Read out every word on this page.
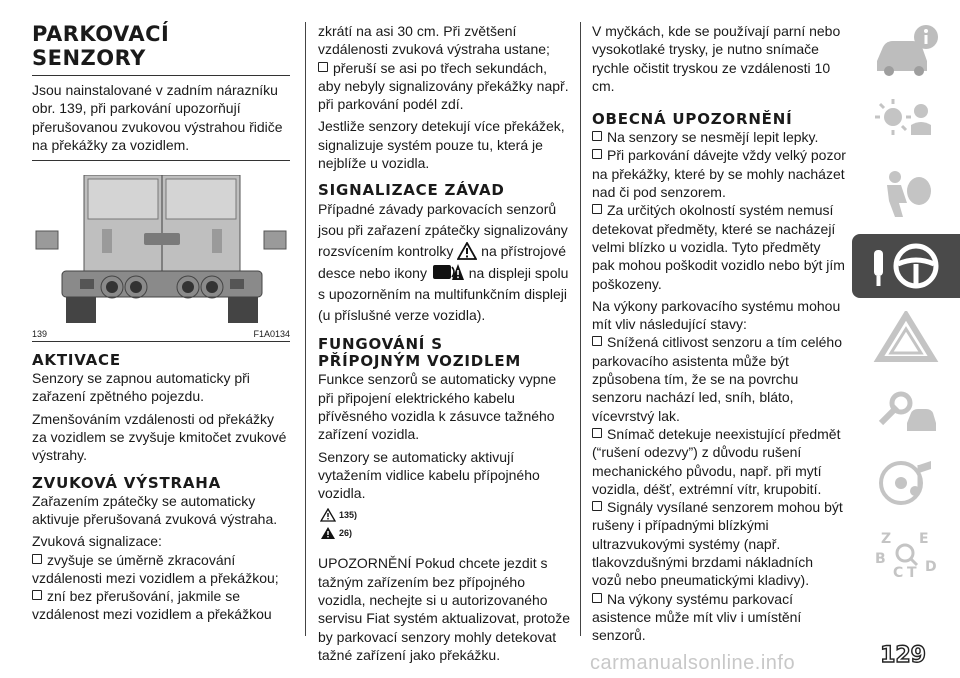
PARKOVACÍ
SENZORY

Jsou nainstalované v zadním nárazníku obr. 139, při parkování upozorňují přerušovanou zvukovou výstrahou řidiče na překážky za vozidlem.

139	F1A0134
AKTIVACE

Senzory se zapnou automaticky při zařazení zpětného pojezdu.

Zmenšováním vzdálenosti od překážky za vozidlem se zvyšuje kmitočet zvukové výstrahy.

ZVUKOVÁ VÝSTRAHA

Zařazením zpátečky se automaticky aktivuje přerušovaná zvuková výstraha.

Zvuková signalizace:

zvyšuje se úměrně zkracování vzdálenosti mezi vozidlem a překážkou;

zní bez přerušování, jakmile se vzdálenost mezi vozidlem a překážkou

zkrátí na asi 30 cm. Při zvětšení vzdálenosti zvuková výstraha ustane;

přeruší se asi po třech sekundách, aby nebyly signalizovány překážky např. při parkování podél zdí.

Jestliže senzory detekují více překážek, signalizuje systém pouze tu, která je nejblíže u vozidla.

SIGNALIZACE ZÁVAD

Případné závady parkovacích senzorů jsou při zařazení zpátečky signalizovány rozsvícením kontrolky na přístrojové desce nebo ikony	na displeji spolu s upozorněním na multifunkčním displeji (u příslušné verze vozidla).

FUNGOVÁNÍ S
PŘÍPOJNÝM VOZIDLEM

Funkce senzorů se automaticky vypne při připojení elektrického kabelu přívěsného vozidla k zásuvce tažného zařízení vozidla.

Senzory se automaticky aktivují vytažením vidlice kabelu přípojného vozidla.

135)
26)

UPOZORNĚNÍ Pokud chcete jezdit s tažným zařízením bez přípojného vozidla, nechejte si u autorizovaného servisu Fiat systém aktualizovat, protože by parkovací senzory mohly detekovat tažné zařízení jako překážku.

V myčkách, kde se používají parní nebo vysokotlaké trysky, je nutno snímače rychle očistit tryskou ze vzdálenosti 10 cm.

OBECNÁ UPOZORNĚNÍ

Na senzory se nesmějí lepit lepky.

Při parkování dávejte vždy velký pozor na překážky, které by se mohly nacházet nad či pod senzorem.

Za určitých okolností systém nemusí detekovat předměty, které se nacházejí velmi blízko u vozidla. Tyto předměty pak mohou poškodit vozidlo nebo být jím poškozeny.

Na výkony parkovacího systému mohou mít vliv následující stavy:

Snížená citlivost senzoru a tím celého parkovacího asistenta může být způsobena tím, že se na povrchu senzoru nachází led, sníh, bláto, vícevrstvý lak.

Snímač detekuje neexistující předmět (“rušení odezvy”) z důvodu rušení mechanického původu, např. při mytí vozidla, déšť, extrémní vítr, krupobití.

Signály vysílané senzorem mohou být rušeny i případnými blízkými ultrazvukovými systémy (např. tlakovzdušnými brzdami nákladních vozů nebo pneumatickými kladivy).

Na výkony systému parkovací asistence může mít vliv i umístění senzorů.

Z E
B
C T D
carmanualsonline.info	129
